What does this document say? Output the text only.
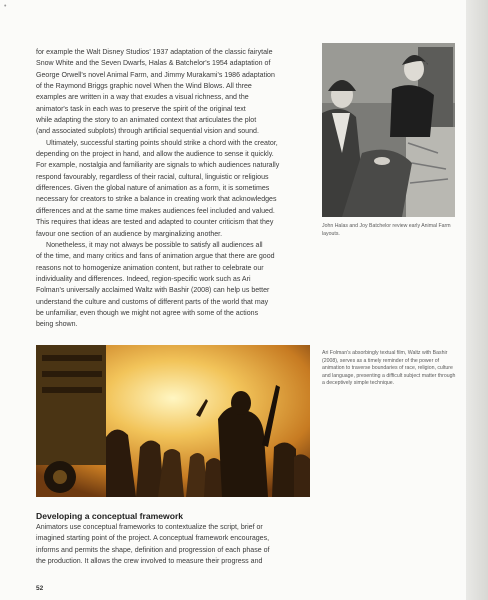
•

for example the Walt Disney Studios' 1937 adaptation of the classic fairytale
Snow White and the Seven Dwarfs, Halas & Batchelor's 1954 adaptation of
George Orwell's novel Animal Farm, and Jimmy Murakami's 1986 adaptation
of the Raymond Briggs graphic novel When the Wind Blows. All three
examples are written in a way that exudes a visual richness, and the
animator's task in each was to preserve the spirit of the original text
while adapting the story to an animated context that articulates the plot
(and associated subplots) through artificial sequential vision and sound.

Ultimately, successful starting points should strike a chord with the creator,
depending on the project in hand, and allow the audience to sense it quickly.
For example, nostalgia and familiarity are signals to which audiences naturally
respond favourably, regardless of their racial, cultural, linguistic or religious
differences. Given the global nature of animation as a form, it is sometimes
necessary for creators to strike a balance in creating work that acknowledges
differences and at the same time makes audiences feel included and valued.
This requires that ideas are tested and adapted to counter criticism that they
favour one section of an audience by marginalizing another.

Nonetheless, it may not always be possible to satisfy all audiences all
of the time, and many critics and fans of animation argue that there are good
reasons not to homogenize animation content, but rather to celebrate our
individuality and differences. Indeed, region-specific work such as Ari
Folman's universally acclaimed Waltz with Bashir (2008) can help us better
understand the culture and customs of different parts of the world that may
be unfamiliar, even though we might not agree with some of the actions
being shown.

John Halas and Joy Batchelor review early Animal Farm layouts.
Ari Folman's absorbingly textual film, Waltz with Bashir (2008), serves as a timely reminder of the power of animation to traverse boundaries of race, religion, culture and language, presenting a difficult subject matter through a deceptively simple technique.
Developing a conceptual framework
Animators use conceptual frameworks to contextualize the script, brief or
imagined starting point of the project. A conceptual framework encourages,
informs and permits the shape, definition and progression of each phase of
the production. It allows the crew involved to measure their progress and
52
